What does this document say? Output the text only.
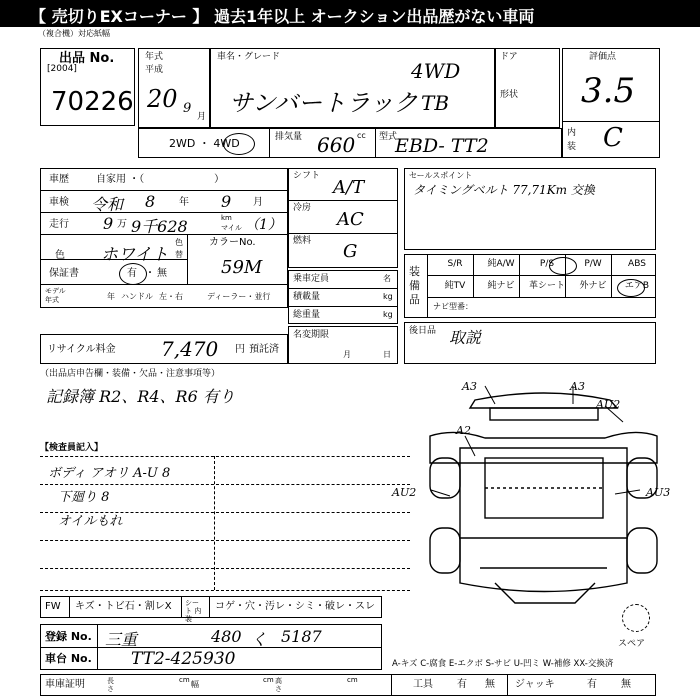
【 売切りEXコーナー 】 過去1年以上 オークション出品歴がない車両
（複合機）対応紙幅
出品 No.
[2004]
70226
年式
平成
20 9
月
車名・グレード
4WD
サンバートラック TB
ドア
形状
評価点
3.5
内
装 C
2WD ・ 4WD	排気量 660 cc 型式
EBD- TT2
車歴	自家用 ・（　　　　　　　）
車検 令和 8 年 9 月
走行 9 万 9千628	km
マイル （1）
色 ホワイト
色
替
カラーNo.
59M
保証書	有 ・ 無
モデル
年式	年 ハンドル 左・右	ディーラー・並行
リサイクル料金 7,470 円 預託済
シフト
A/T
冷房
AC
燃料 G
乗車定員	名
積載量	kg
総重量	kg
名変期限
月	日
セールスポイント
タイミングベルト 77,71Km 交換
装備品
ナビ型番：
S/R	純A/W	P/S	P/W	ABS
純TV	純ナビ	革シート	外ナビ	エアB
後日品 取説
（出品店申告欄・装備・欠品・注意事項等）
記録簿 R2、R4、R6 有り
【検査員記入】
ボディ アオリ A-U 8
下廻り 8
オイルもれ
A3	A3
AU2
A2
AU2	AU3
FW キズ・トビ石・割レX シート 内装
コゲ・穴・汚レ・シミ・破レ・スレ
登録 No. 三重	480 く 5187
車台 No. TT2-425930
スペア
A-キズ C-腐食 E-エクボ S-サビ U-凹ミ W-補修 XX-交換済
車庫証明	長さ
cm 幅	cm 高さ
cm	工具 有 無 ジャッキ	有 無
